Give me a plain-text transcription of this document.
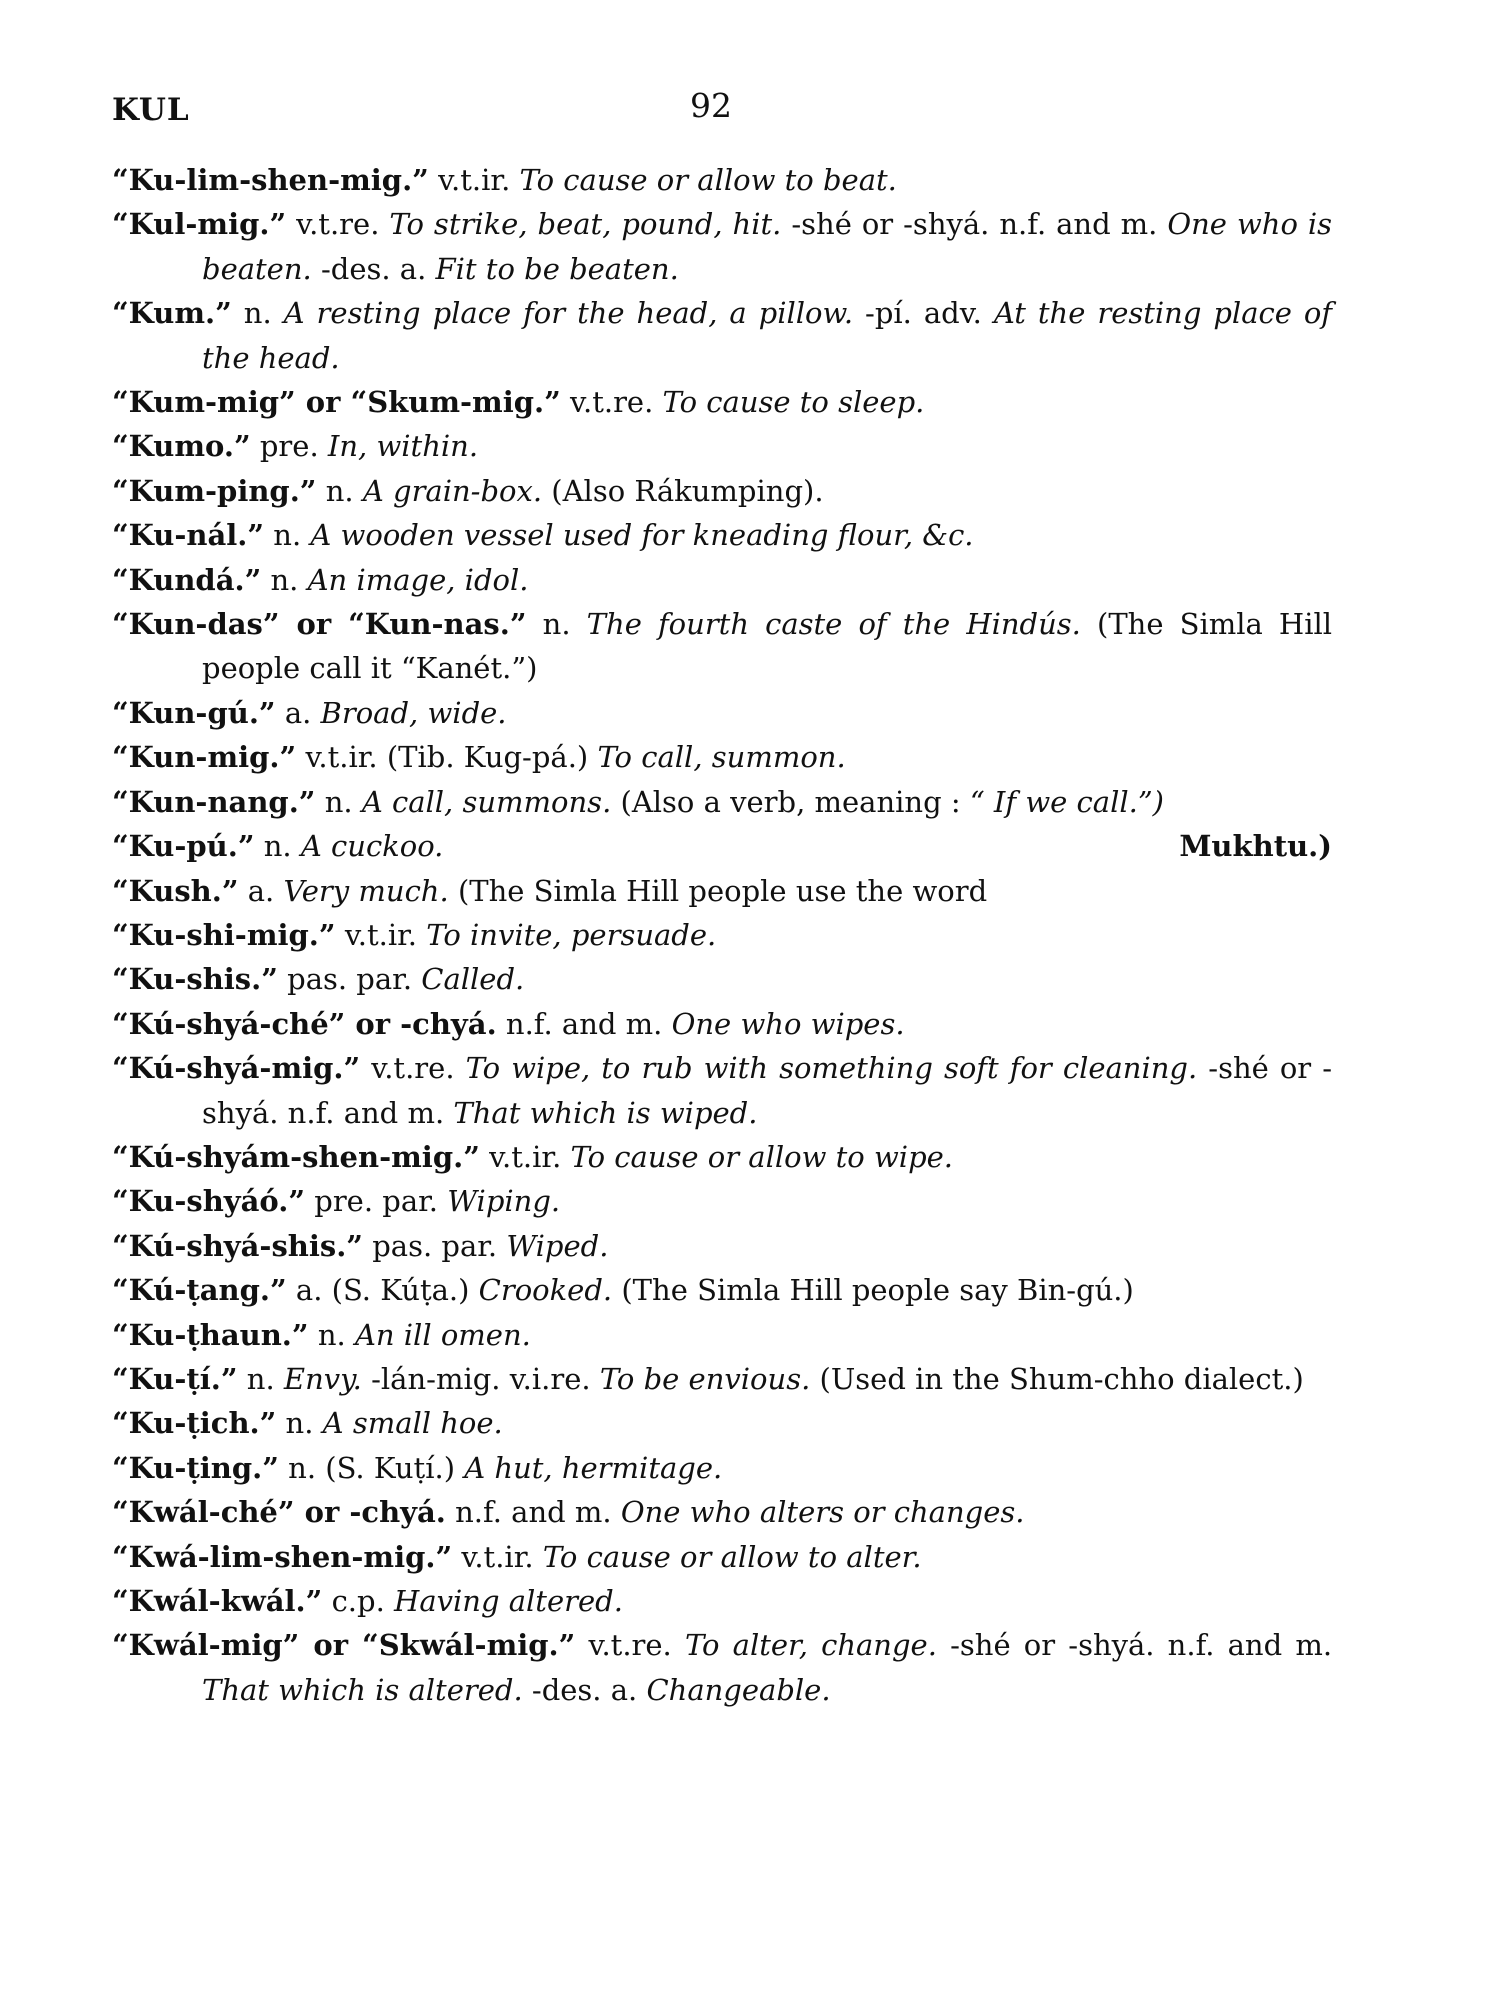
KUL	92

“Ku-lim-shen-mig.” v.t.ir. To cause or allow to beat.

“Kul-mig.” v.t.re. To strike, beat, pound, hit. -shé or -shyá. n.f. and m. One who is beaten. -des. a. Fit to be beaten.

“Kum.” n. A resting place for the head, a pillow. -pí. adv. At the resting place of the head.

“Kum-mig” or “Skum-mig.” v.t.re. To cause to sleep.

“Kumo.” pre. In, within.

“Kum-ping.” n. A grain-box. (Also Rákumping).

“Ku-nál.” n. A wooden vessel used for kneading flour, &c.

“Kundá.” n. An image, idol.

“Kun-das” or “Kun-nas.” n. The fourth caste of the Hindús. (The Simla Hill people call it “Kanét.”)

“Kun-gú.” a. Broad, wide.

“Kun-mig.” v.t.ir. (Tib. Kug-pá.) To call, summon.

“Kun-nang.” n. A call, summons. (Also a verb, meaning : “ If we call.”)

“Ku-pú.” n. A cuckoo.	Mukhtu.)

“Kush.” a. Very much. (The Simla Hill people use the word

“Ku-shi-mig.” v.t.ir. To invite, persuade.

“Ku-shis.” pas. par. Called.

“Kú-shyá-ché” or -chyá. n.f. and m. One who wipes.

“Kú-shyá-mig.” v.t.re. To wipe, to rub with something soft for cleaning. -shé or -shyá. n.f. and m. That which is wiped.

“Kú-shyám-shen-mig.” v.t.ir. To cause or allow to wipe.

“Ku-shyáó.” pre. par. Wiping.

“Kú-shyá-shis.” pas. par. Wiped.

“Kú-ṭang.” a. (S. Kúṭa.) Crooked. (The Simla Hill people say Bin-gú.)

“Ku-ṭhaun.” n. An ill omen.

“Ku-ṭí.” n. Envy. -lán-mig. v.i.re. To be envious. (Used in the Shum-chho dialect.)

“Ku-ṭich.” n. A small hoe.

“Ku-ṭing.” n. (S. Kuṭí.) A hut, hermitage.

“Kwál-ché” or -chyá. n.f. and m. One who alters or changes.

“Kwá-lim-shen-mig.” v.t.ir. To cause or allow to alter.

“Kwál-kwál.” c.p. Having altered.

“Kwál-mig” or “Skwál-mig.” v.t.re. To alter, change. -shé or -shyá. n.f. and m. That which is altered. -des. a. Changeable.
